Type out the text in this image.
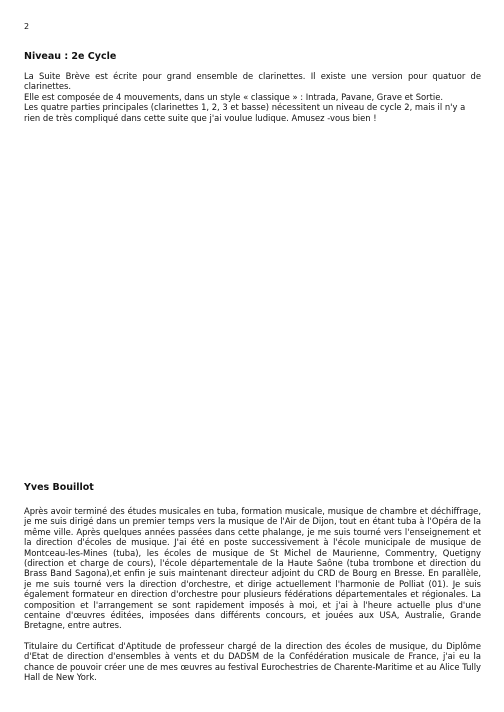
2
Niveau : 2e Cycle

La Suite Brève est écrite pour grand ensemble de clarinettes. Il existe une version pour quatuor de clarinettes.

Elle est composée de 4 mouvements, dans un style « classique » : Intrada, Pavane, Grave et Sortie.

Les quatre parties principales (clarinettes 1, 2, 3 et basse) nécessitent un niveau de cycle 2, mais il n'y a rien de très compliqué dans cette suite que j'ai voulue ludique. Amusez -vous bien !

Yves Bouillot

Après avoir terminé des études musicales en tuba, formation musicale, musique de chambre et déchiffrage, je me suis dirigé dans un premier temps vers la musique de l'Air de Dijon, tout en étant tuba à l'Opéra de la même ville. Après quelques années passées dans cette phalange, je me suis tourné vers l'enseignement et la direction d'écoles de musique. J'ai été en poste successivement à l'école municipale de musique de Montceau-les-Mines (tuba), les écoles de musique de St Michel de Maurienne, Commentry, Quetigny (direction et charge de cours), l'école départementale de la Haute Saône (tuba trombone et direction du Brass Band Sagona),et enfin je suis maintenant directeur adjoint du CRD de Bourg en Bresse. En parallèle, je me suis tourné vers la direction d'orchestre, et dirige actuellement l'harmonie de Polliat (01). Je suis également formateur en direction d'orchestre pour plusieurs fédérations départementales et régionales. La composition et l'arrangement se sont rapidement imposés à moi, et j'ai à l'heure actuelle plus d'une centaine d'œuvres éditées, imposées dans différents concours, et jouées aux USA, Australie, Grande Bretagne, entre autres.

Titulaire du Certificat d'Aptitude de professeur chargé de la direction des écoles de musique, du Diplôme d'Etat de direction d'ensembles à vents et du DADSM de la Confédération musicale de France, j'ai eu la chance de pouvoir créer une de mes œuvres au festival Eurochestries de Charente-Maritime et au Alice Tully Hall de New York.
